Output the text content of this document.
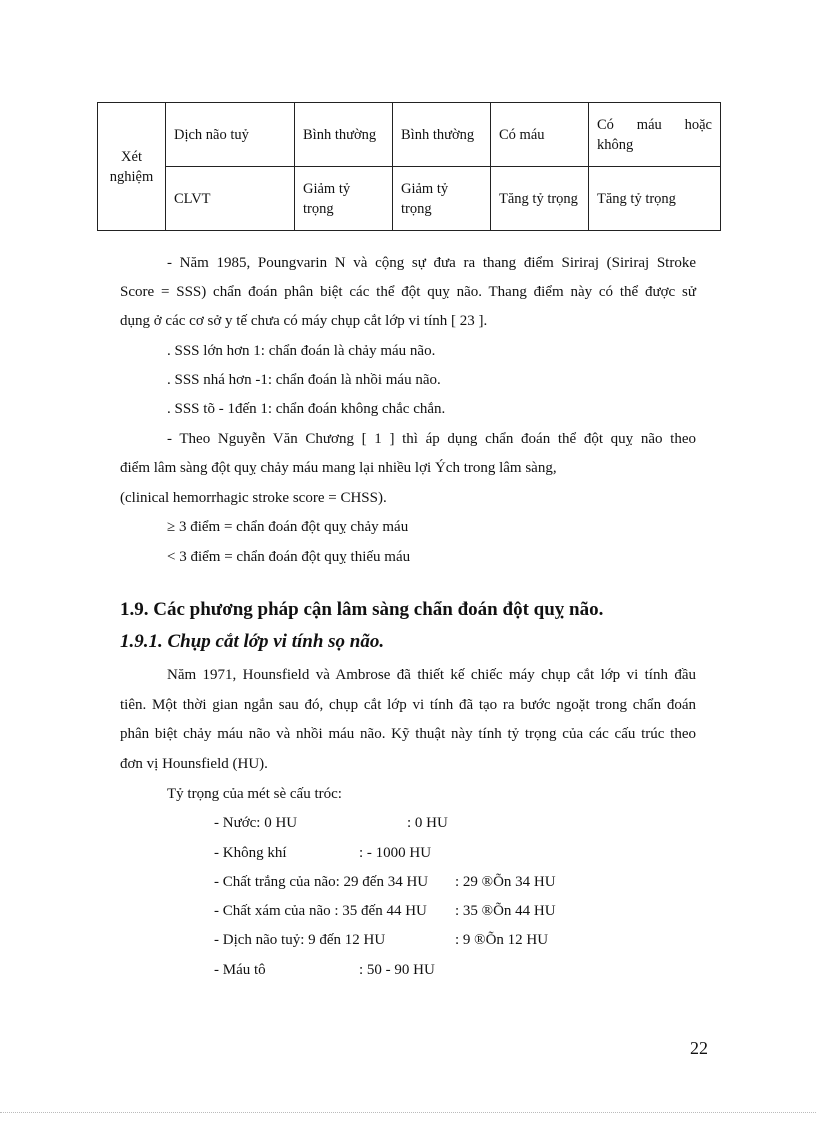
Xét nghiệm	Dịch não tuỷ	Bình thường	Bình thường	Có máu	Có máu hoặc không
	CLVT	Giảm tỷ trọng	Giảm tỷ trọng	Tăng tỷ trọng	Tăng tỷ trọng
- Năm 1985, Poungvarin N và cộng sự đưa ra thang điểm Siriraj (Siriraj Stroke
Score = SSS) chẩn đoán phân biệt các thể đột quỵ não. Thang điểm này có thể được sử
dụng ở các cơ sở y tế chưa có máy chụp cắt lớp vi tính [ 23 ].
. SSS lớn hơn 1: chẩn đoán là chảy máu não.
. SSS nhá hơn -1: chẩn đoán là nhồi máu não.
. SSS tõ - 1đến 1: chẩn đoán không chắc chắn.
- Theo Nguyễn Văn Chương [ 1 ] thì áp dụng chẩn đoán thể đột quỵ não theo
điểm lâm sàng đột quỵ chảy máu mang lại nhiều lợi Ých trong lâm sàng,
(clinical hemorrhagic stroke score = CHSS).
≥ 3 điểm = chẩn đoán đột quỵ chảy máu
< 3 điểm = chẩn đoán đột quỵ thiếu máu
1.9. Các phương pháp cận lâm sàng chẩn đoán đột quỵ não.
1.9.1. Chụp cắt lớp vi tính sọ não.
Năm 1971, Hounsfield và Ambrose đã thiết kế chiếc máy chụp cắt lớp vi tính đầu
tiên. Một thời gian ngắn sau đó, chụp cắt lớp vi tính đã tạo ra bước ngoặt trong chẩn đoán
phân biệt chảy máu não và nhồi máu não. Kỹ thuật này tính tỷ trọng của các cấu trúc theo
đơn vị Hounsfield (HU).
Tỷ trọng của mét sè cấu tróc:
- Nước: 0 HU	: 0 HU
- Không khí	: - 1000 HU
- Chất trắng của não: 29 đến 34 HU	: 29 ®Õn 34 HU
- Chất xám của não : 35 đến 44 HU	: 35 ®Õn 44 HU
- Dịch não tuỷ: 9 đến 12 HU	: 9 ®Õn 12 HU
- Máu tô	: 50 - 90 HU
22
